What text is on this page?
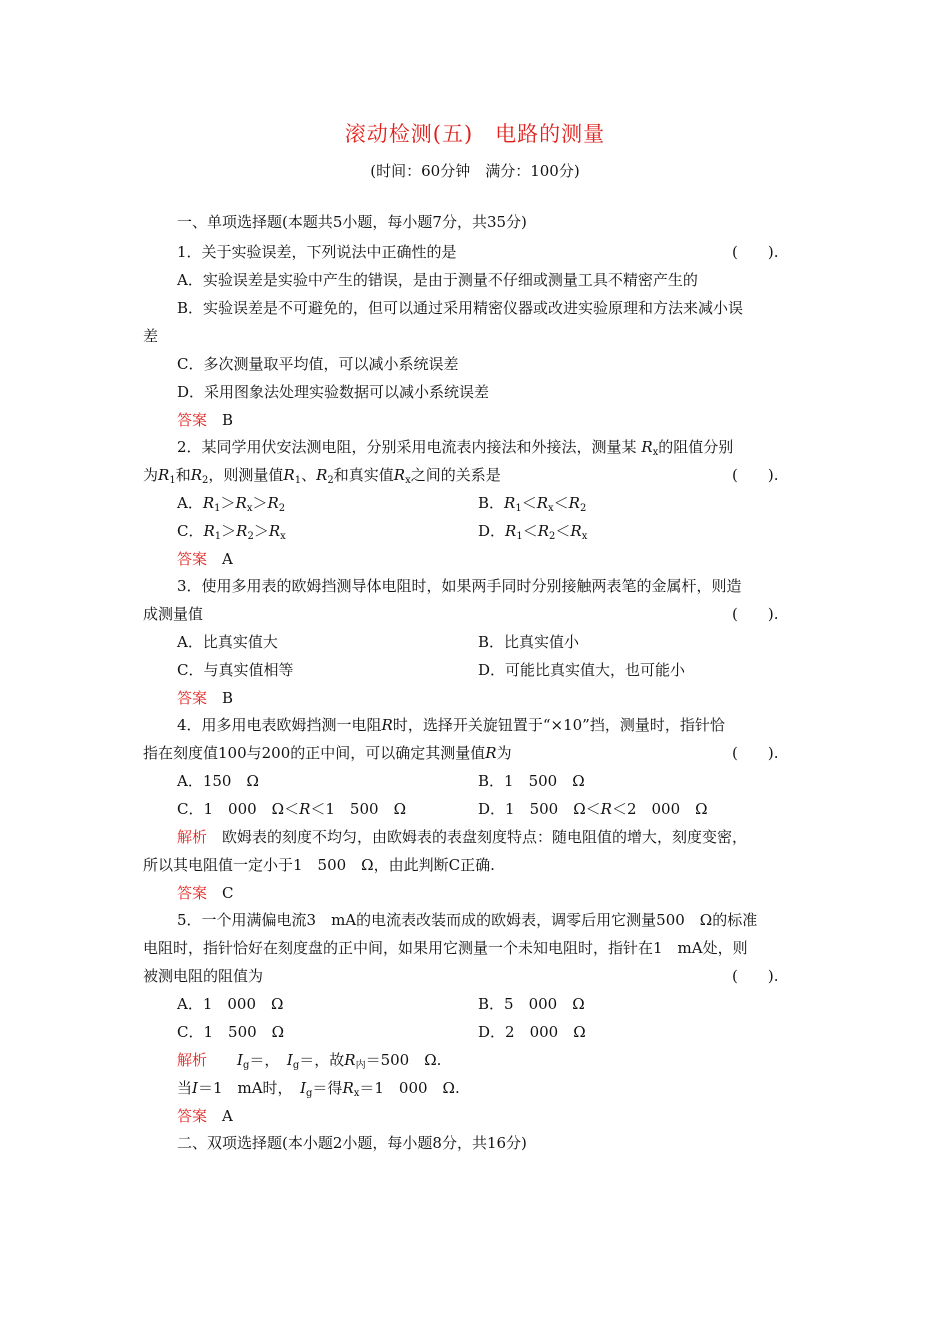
滚动检测(五)　电路的测量
(时间：60分钟　满分：100分)
一、单项选择题(本题共5小题，每小题7分，共35分)
1．关于实验误差，下列说法中正确性的是	(　　).
A．实验误差是实验中产生的错误，是由于测量不仔细或测量工具不精密产生的
B．实验误差是不可避免的，但可以通过采用精密仪器或改进实验原理和方法来减小误
差
C．多次测量取平均值，可以减小系统误差
D．采用图象法处理实验数据可以减小系统误差
答案　 B
2．某同学用伏安法测电阻，分别采用电流表内接法和外接法，测量某 $R_x$的阻值分别
为$R_1$和$R_2$，则测量值$R_1$、$R_2$和真实值$R_x$之间的关系是	(　　).
A．$R_1>R_x>R_2$	B．$R_1<R_x<R_2$
C．$R_1>R_2>R_x$	D．$R_1<R_2<R_x$
答案　 A
3．使用多用表的欧姆挡测导体电阻时，如果两手同时分别接触两表笔的金属杆，则造
成测量值	(　　).
A．比真实值大	B．比真实值小
C．与真实值相等	D．可能比真实值大，也可能小
答案　 B
4．用多用电表欧姆挡测一电阻R时，选择开关旋钮置于“×10”挡，测量时，指针恰
指在刻度值100与200的正中间，可以确定其测量值R为	(　　).
A．150　Ω	B．1　500　Ω
C．1　000　Ω＜R＜1　500　Ω	D．1　500　Ω＜R＜2　000　Ω
解析　欧姆表的刻度不均匀，由欧姆表的表盘刻度特点：随电阻值的增大，刻度变密，
所以其电阻值一定小于1　500　Ω，由此判断C正确.
答案　 C
5．一个用满偏电流3　mA的电流表改装而成的欧姆表，调零后用它测量500　Ω的标准
电阻时，指针恰好在刻度盘的正中间，如果用它测量一个未知电阻时，指针在1　mA处，则
被测电阻的阻值为	(　　).
A．1　000　Ω	B．5　000　Ω
C．1　500　Ω	D．2　000　Ω
解析　　 $I_g=$，　 $I_g=$，故$R_内=500$　Ω.
当I＝1　mA时，　 $I_g=$得$R_x=1$　000　Ω.
答案　 A
二、双项选择题(本小题2小题，每小题8分，共16分)
